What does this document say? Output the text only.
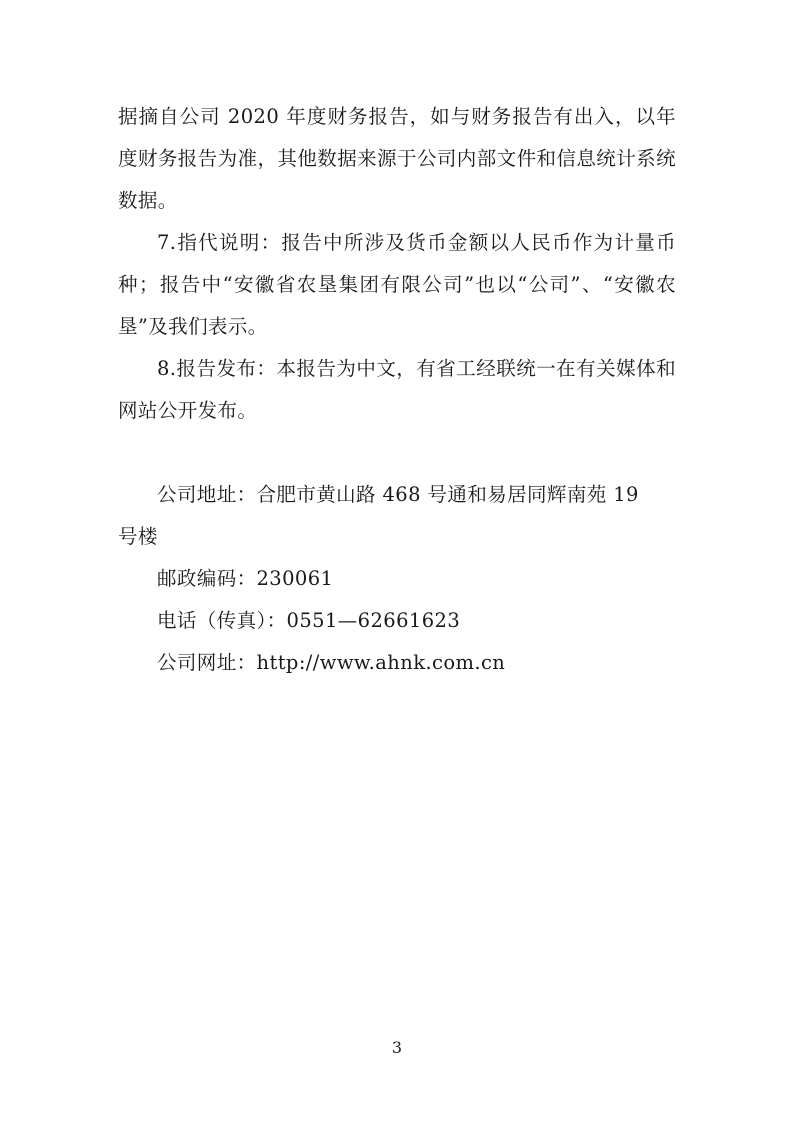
据摘自公司 2020 年度财务报告，如与财务报告有出入，以年度财务报告为准，其他数据来源于公司内部文件和信息统计系统数据。

7.指代说明：报告中所涉及货币金额以人民币作为计量币种；报告中“安徽省农垦集团有限公司”也以“公司”、“安徽农垦”及我们表示。

8.报告发布：本报告为中文，有省工经联统一在有关媒体和网站公开发布。

公司地址：合肥市黄山路 468 号通和易居同辉南苑 19

号楼

邮政编码：230061

电话（传真）：0551—62661623

公司网址：http://www.ahnk.com.cn

3
